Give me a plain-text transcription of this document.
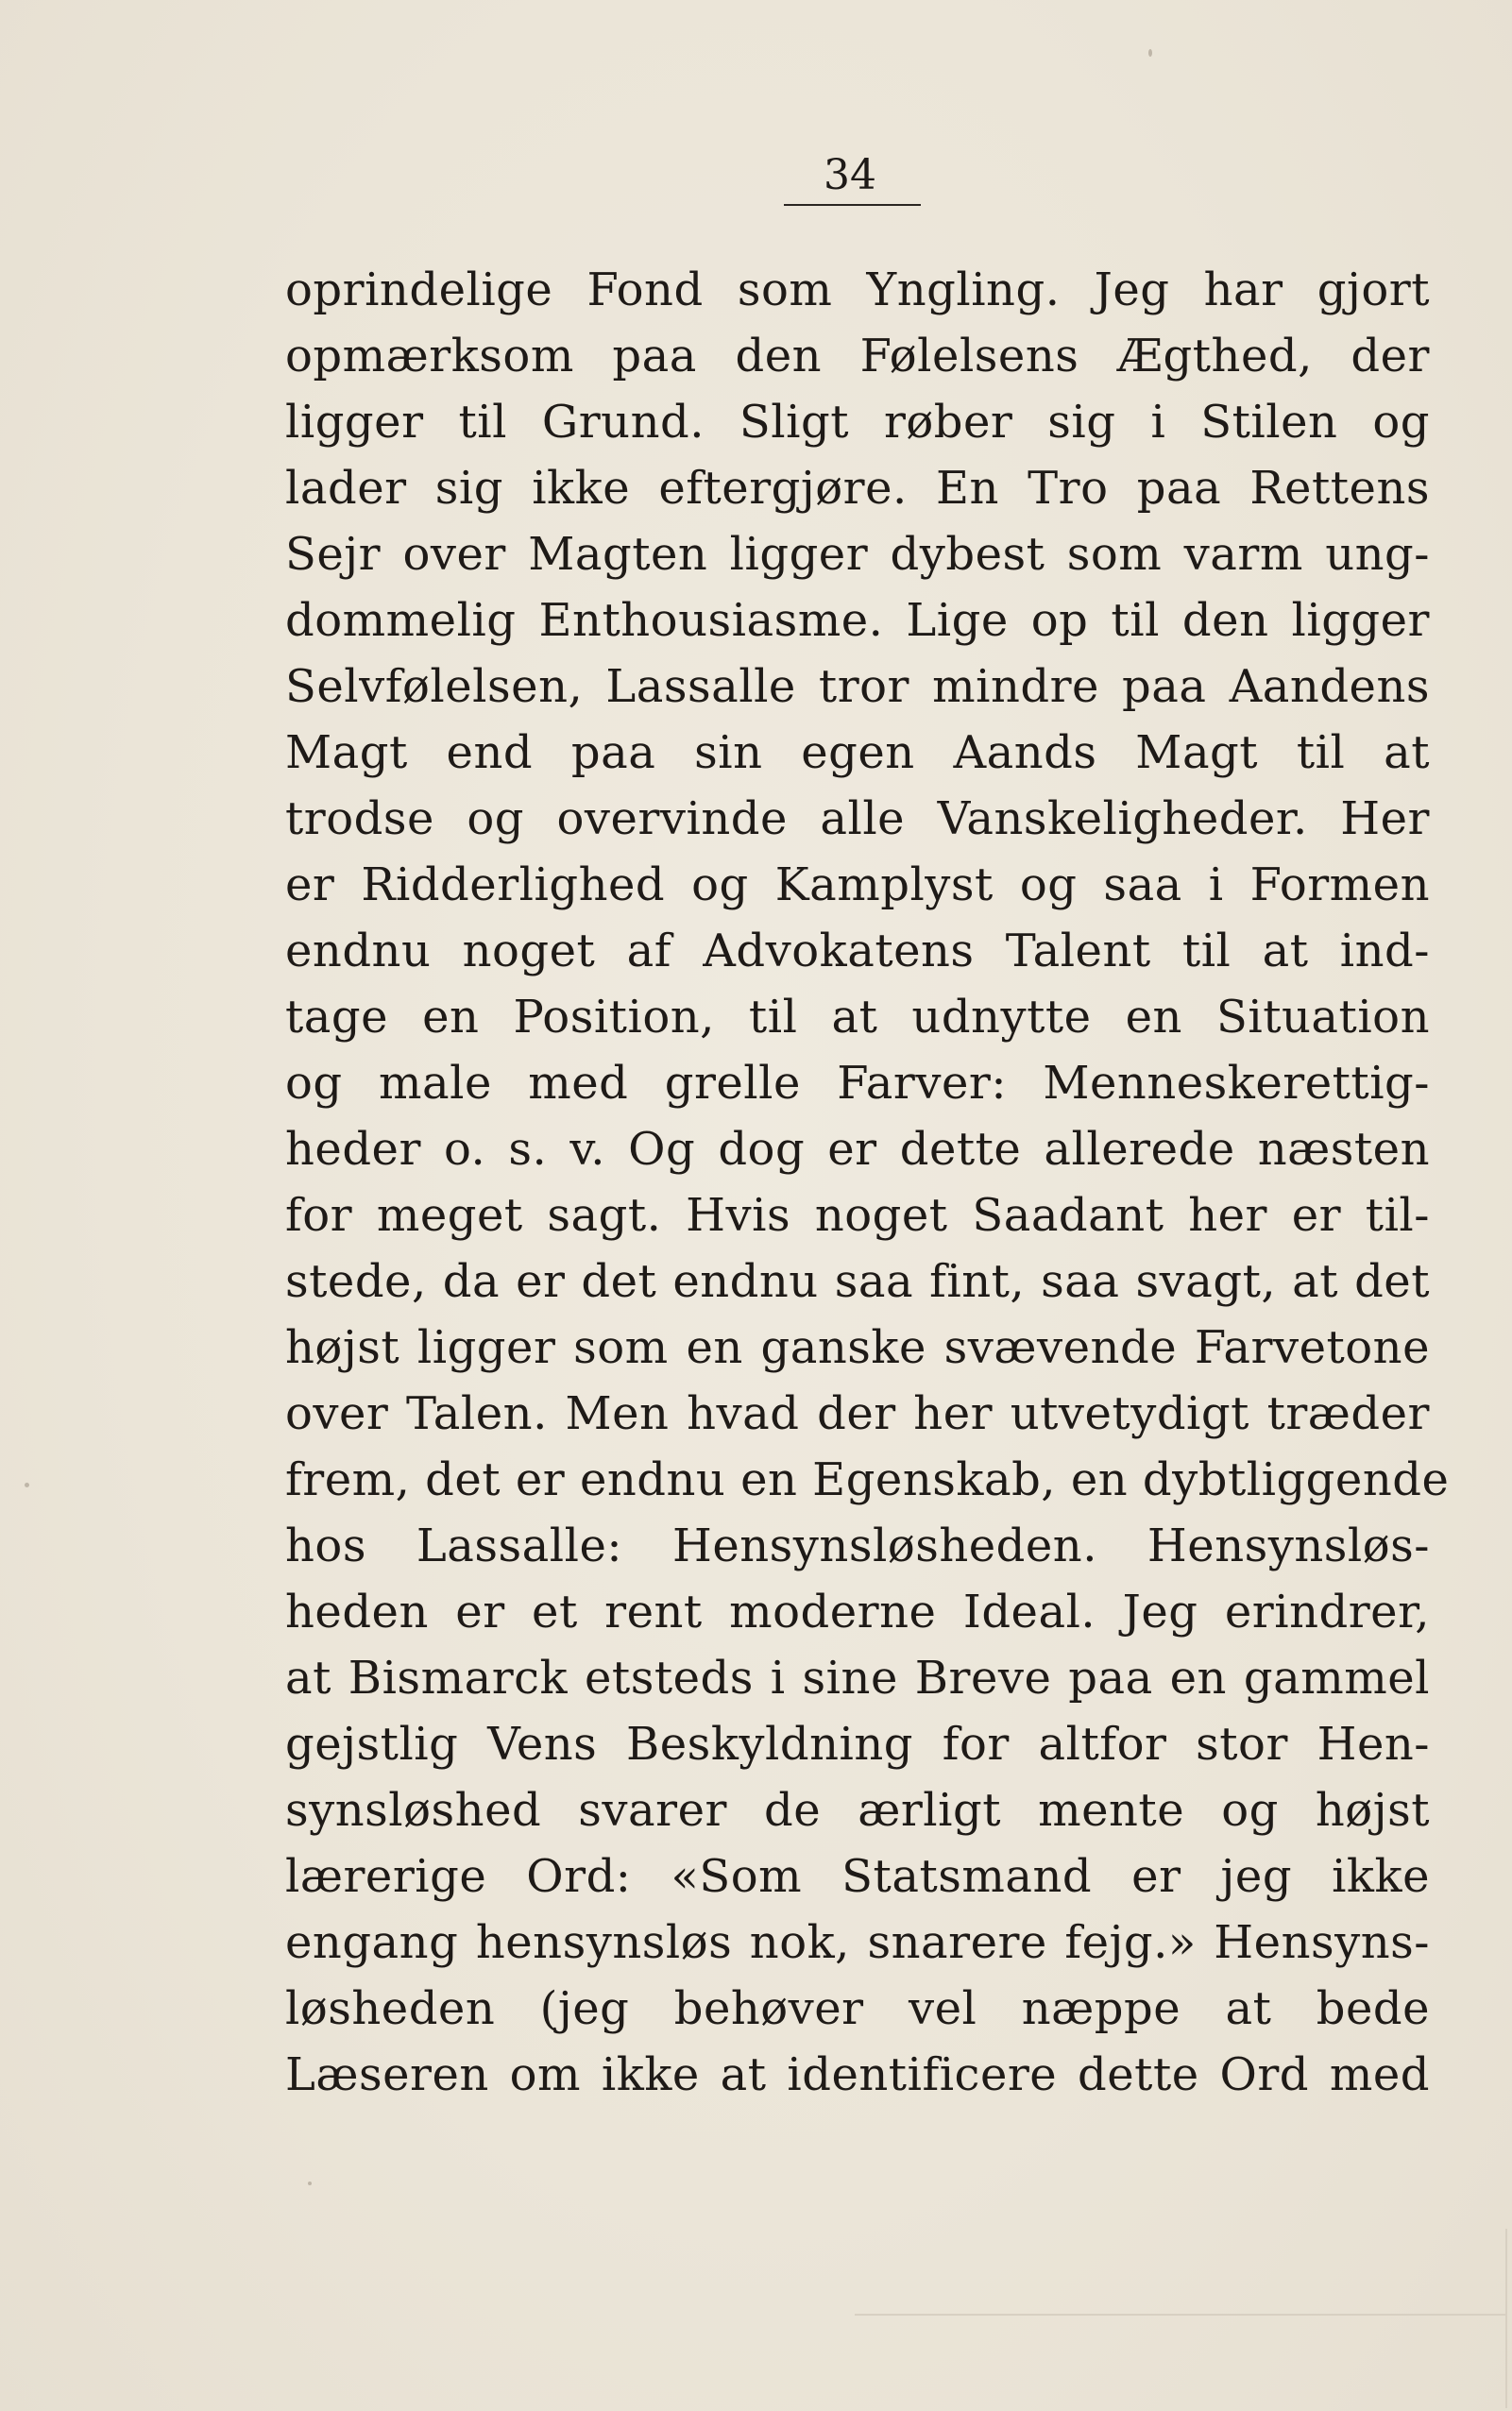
34
oprindelige Fond som Yngling. Jeg har gjort
opmærksom paa den Følelsens Ægthed, der
ligger til Grund. Sligt røber sig i Stilen og
lader sig ikke eftergjøre. En Tro paa Rettens
Sejr over Magten ligger dybest som varm ung-
dommelig Enthousiasme. Lige op til den ligger
Selvfølelsen, Lassalle tror mindre paa Aandens
Magt end paa sin egen Aands Magt til at
trodse og overvinde alle Vanskeligheder. Her
er Ridderlighed og Kamplyst og saa i Formen
endnu noget af Advokatens Talent til at ind-
tage en Position, til at udnytte en Situation
og male med grelle Farver: Menneskerettig-
heder o. s. v. Og dog er dette allerede næsten
for meget sagt. Hvis noget Saadant her er til-
stede, da er det endnu saa fint, saa svagt, at det
højst ligger som en ganske svævende Farvetone
over Talen. Men hvad der her utvetydigt træder
frem, det er endnu en Egenskab, en dybtliggende
hos Lassalle: Hensynsløsheden. Hensynsløs-
heden er et rent moderne Ideal. Jeg erindrer,
at Bismarck etsteds i sine Breve paa en gammel
gejstlig Vens Beskyldning for altfor stor Hen-
synsløshed svarer de ærligt mente og højst
lærerige Ord: «Som Statsmand er jeg ikke
engang hensynsløs nok, snarere fejg.» Hensyns-
løsheden (jeg behøver vel næppe at bede
Læseren om ikke at identificere dette Ord med
